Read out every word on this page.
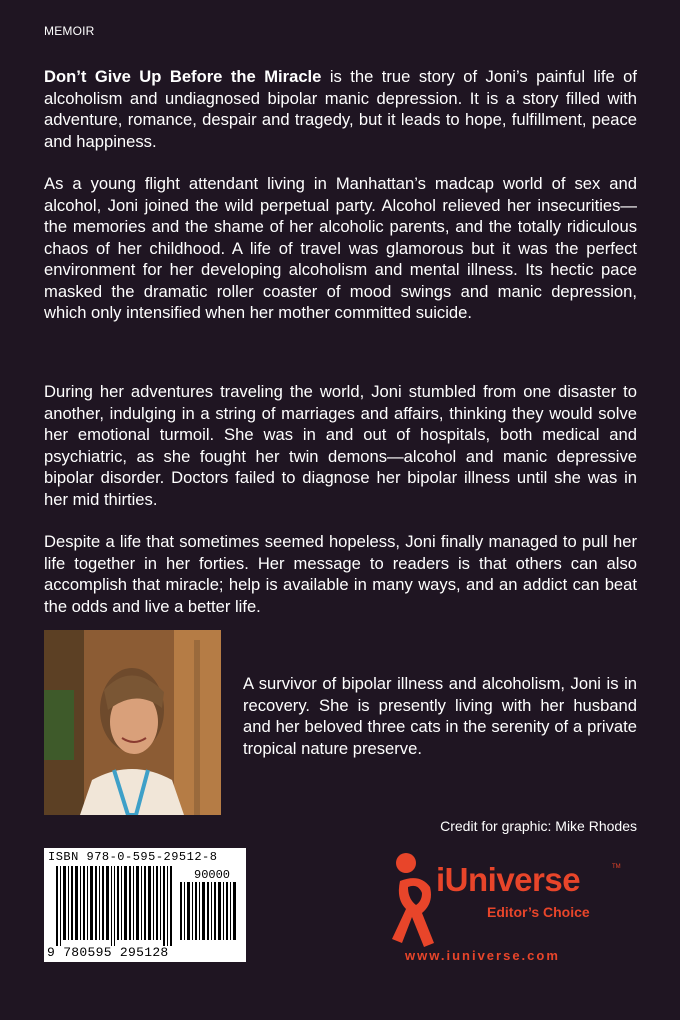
MEMOIR

Don’t Give Up Before the Miracle is the true story of Joni’s painful life of alcoholism and undiagnosed bipolar manic depression. It is a story filled with adventure, romance, despair and tragedy, but it leads to hope, fulfillment, peace and happiness.

As a young flight attendant living in Manhattan’s madcap world of sex and alcohol, Joni joined the wild perpetual party. Alcohol relieved her insecurities—the memories and the shame of her alcoholic parents, and the totally ridiculous chaos of her childhood. A life of travel was glamorous but it was the perfect environment for her developing alcoholism and mental illness. Its hectic pace masked the dramatic roller coaster of mood swings and manic depression, which only intensified when her mother committed suicide.

During her adventures traveling the world, Joni stumbled from one disaster to another, indulging in a string of marriages and affairs, thinking they would solve her emotional turmoil. She was in and out of hospitals, both medical and psychiatric, as she fought her twin demons—alcohol and manic depressive bipolar disorder. Doctors failed to diagnose her bipolar illness until she was in her mid thirties.

Despite a life that sometimes seemed hopeless, Joni finally managed to pull her life together in her forties. Her message to readers is that others can also accomplish that miracle; help is available in many ways, and an addict can beat the odds and live a better life.

A survivor of bipolar illness and alcoholism, Joni is in recovery. She is presently living with her husband and her beloved three cats in the serenity of a private tropical nature preserve.

Credit for graphic: Mike Rhodes
ISBN 978-0-595-29512-8
90000
9 780595 295128
iUniverse	TM
Editor’s Choice
www.iuniverse.com
